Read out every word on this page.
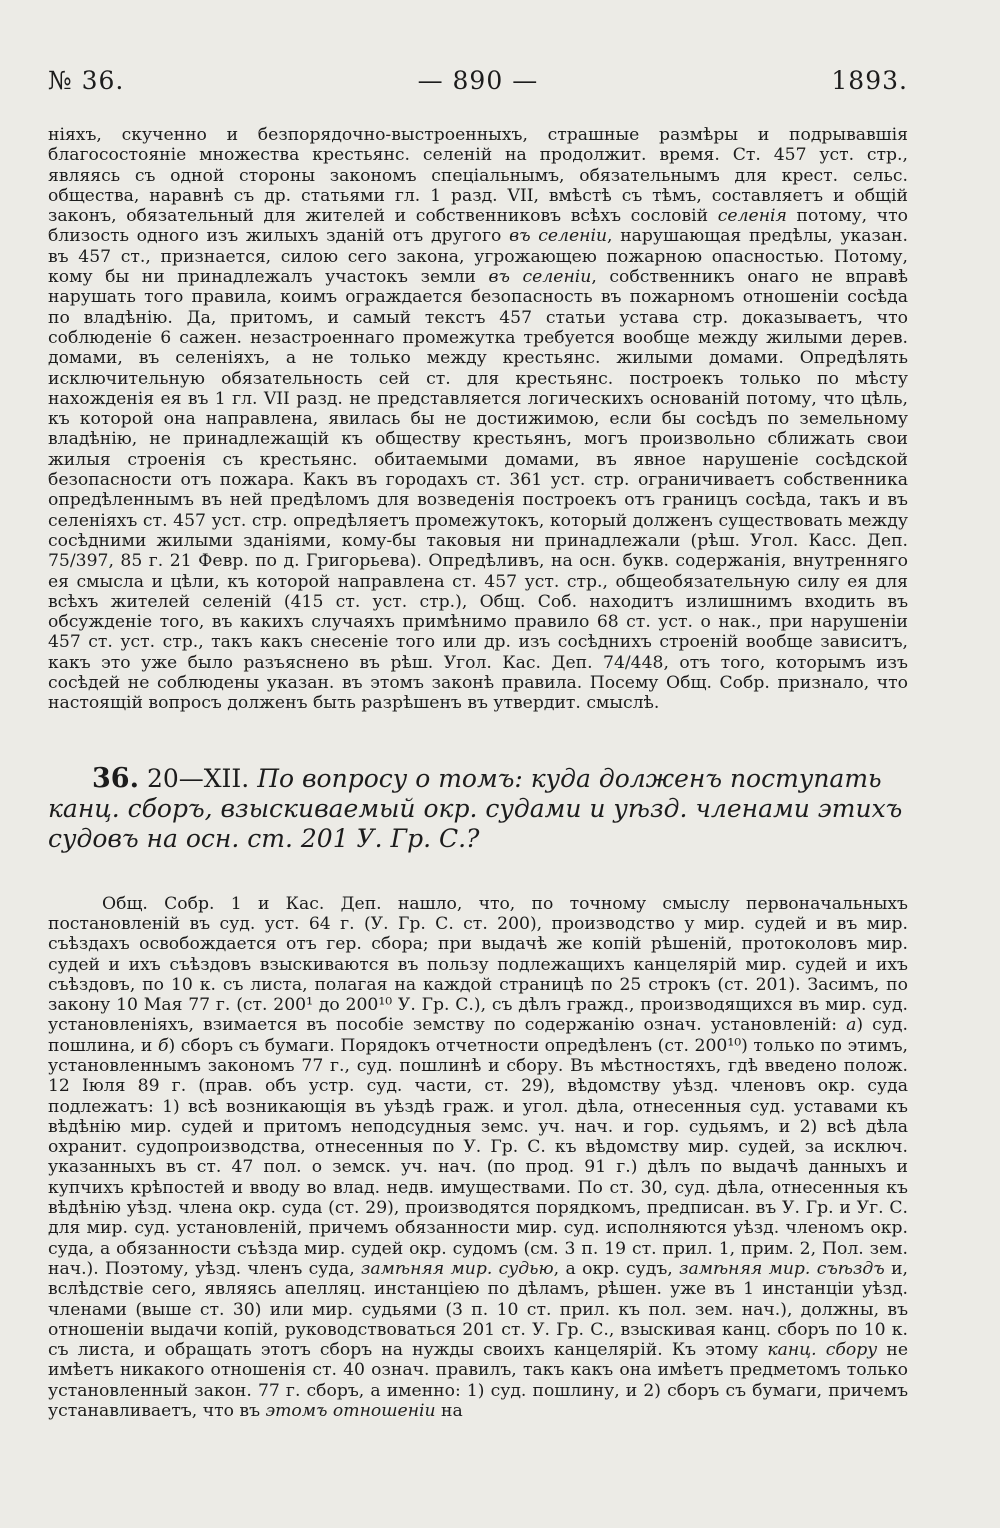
№ 36.	— 890 —	1893.

ніяхъ, скученно и безпорядочно-выстроенныхъ, страшные размѣры и подрывавшія благосостояніе множества крестьянс. селеній на продолжит. время. Ст. 457 уст. стр., являясь съ одной стороны закономъ спеціальнымъ, обязательнымъ для крест. сельс. общества, наравнѣ съ др. статьями гл. 1 разд. VII, вмѣстѣ съ тѣмъ, составляетъ и общій законъ, обязательный для жителей и собственниковъ всѣхъ сословій селенія потому, что близость одного изъ жилыхъ зданій отъ другого въ селеніи, нарушающая предѣлы, указан. въ 457 ст., признается, силою сего закона, угрожающею пожарною опасностью. Потому, кому бы ни принадлежалъ участокъ земли въ селеніи, собственникъ онаго не вправѣ нарушать того правила, коимъ ограждается безопасность въ пожарномъ отношеніи сосѣда по владѣнію. Да, притомъ, и самый текстъ 457 статьи устава стр. доказываетъ, что соблюденіе 6 сажен. незастроеннаго промежутка требуется вообще между жилыми дерев. домами, въ селеніяхъ, а не только между крестьянс. жилыми домами. Опредѣлять исключительную обязательность сей ст. для крестьянс. построекъ только по мѣсту нахожденія ея въ 1 гл. VII разд. не представляется логическихъ основаній потому, что цѣль, къ которой она направлена, явилась бы не достижимою, если бы сосѣдъ по земельному владѣнію, не принадлежащій къ обществу крестьянъ, могъ произвольно сближать свои жилыя строенія съ крестьянс. обитаемыми домами, въ явное нарушеніе сосѣдской безопасности отъ пожара. Какъ въ городахъ ст. 361 уст. стр. ограничиваетъ собственника опредѣленнымъ въ ней предѣломъ для возведенія построекъ отъ границъ сосѣда, такъ и въ селеніяхъ ст. 457 уст. стр. опредѣляетъ промежутокъ, который долженъ существовать между сосѣдними жилыми зданіями, кому-бы таковыя ни принадлежали (рѣш. Угол. Касс. Деп. 75/397, 85 г. 21 Февр. по д. Григорьева). Опредѣливъ, на осн. букв. содержанія, внутренняго ея смысла и цѣли, къ которой направлена ст. 457 уст. стр., общеобязательную силу ея для всѣхъ жителей селеній (415 ст. уст. стр.), Общ. Соб. находитъ излишнимъ входить въ обсужденіе того, въ какихъ случаяхъ примѣнимо правило 68 ст. уст. о нак., при нарушеніи 457 ст. уст. стр., такъ какъ снесеніе того или др. изъ сосѣднихъ строеній вообще зависитъ, какъ это уже было разъяснено въ рѣш. Угол. Кас. Деп. 74/448, отъ того, которымъ изъ сосѣдей не соблюдены указан. въ этомъ законѣ правила. Посему Общ. Собр. признало, что настоящій вопросъ долженъ быть разрѣшенъ въ утвердит. смыслѣ.

36. 20—XII. По вопросу о томъ: куда долженъ поступать канц. сборъ, взыскиваемый окр. судами и уѣзд. членами этихъ судовъ на осн. ст. 201 У. Гр. С.?

Общ. Собр. 1 и Кас. Деп. нашло, что, по точному смыслу первоначальныхъ постановленій въ суд. уст. 64 г. (У. Гр. С. ст. 200), производство у мир. судей и въ мир. съѣздахъ освобождается отъ гер. сбора; при выдачѣ же копій рѣшеній, протоколовъ мир. судей и ихъ съѣздовъ взыскиваются въ пользу подлежащихъ канцелярій мир. судей и ихъ съѣздовъ, по 10 к. съ листа, полагая на каждой страницѣ по 25 строкъ (ст. 201). Засимъ, по закону 10 Мая 77 г. (ст. 200¹ до 200¹⁰ У. Гр. С.), съ дѣлъ гражд., производящихся въ мир. суд. установленіяхъ, взимается въ пособіе земству по содержанію означ. установленій: а) суд. пошлина, и б) сборъ съ бумаги. Порядокъ отчетности опредѣленъ (ст. 200¹⁰) только по этимъ, установленнымъ закономъ 77 г., суд. пошлинѣ и сбору. Въ мѣстностяхъ, гдѣ введено полож. 12 Іюля 89 г. (прав. объ устр. суд. части, ст. 29), вѣдомству уѣзд. членовъ окр. суда подлежатъ: 1) всѣ возникающія въ уѣздѣ граж. и угол. дѣла, отнесенныя суд. уставами къ вѣдѣнію мир. судей и притомъ неподсудныя земс. уч. нач. и гор. судьямъ, и 2) всѣ дѣла охранит. судопроизводства, отнесенныя по У. Гр. С. къ вѣдомству мир. судей, за исключ. указанныхъ въ ст. 47 пол. о земск. уч. нач. (по прод. 91 г.) дѣлъ по выдачѣ данныхъ и купчихъ крѣпостей и вводу во влад. недв. имуществами. По ст. 30, суд. дѣла, отнесенныя къ вѣдѣнію уѣзд. члена окр. суда (ст. 29), производятся порядкомъ, предписан. въ У. Гр. и Уг. С. для мир. суд. установленій, причемъ обязанности мир. суд. исполняются уѣзд. членомъ окр. суда, а обязанности съѣзда мир. судей окр. судомъ (см. 3 п. 19 ст. прил. 1, прим. 2, Пол. зем. нач.). Поэтому, уѣзд. членъ суда, замѣняя мир. судью, а окр. судъ, замѣняя мир. съѣздъ и, вслѣдствіе сего, являясь апелляц. инстанціею по дѣламъ, рѣшен. уже въ 1 инстанціи уѣзд. членами (выше ст. 30) или мир. судьями (3 п. 10 ст. прил. къ пол. зем. нач.), должны, въ отношеніи выдачи копій, руководствоваться 201 ст. У. Гр. С., взыскивая канц. сборъ по 10 к. съ листа, и обращать этотъ сборъ на нужды своихъ канцелярій. Къ этому канц. сбору не имѣетъ никакого отношенія ст. 40 означ. правилъ, такъ какъ она имѣетъ предметомъ только установленный закон. 77 г. сборъ, а именно: 1) суд. пошлину, и 2) сборъ съ бумаги, причемъ устанавливаетъ, что въ этомъ отношеніи на
